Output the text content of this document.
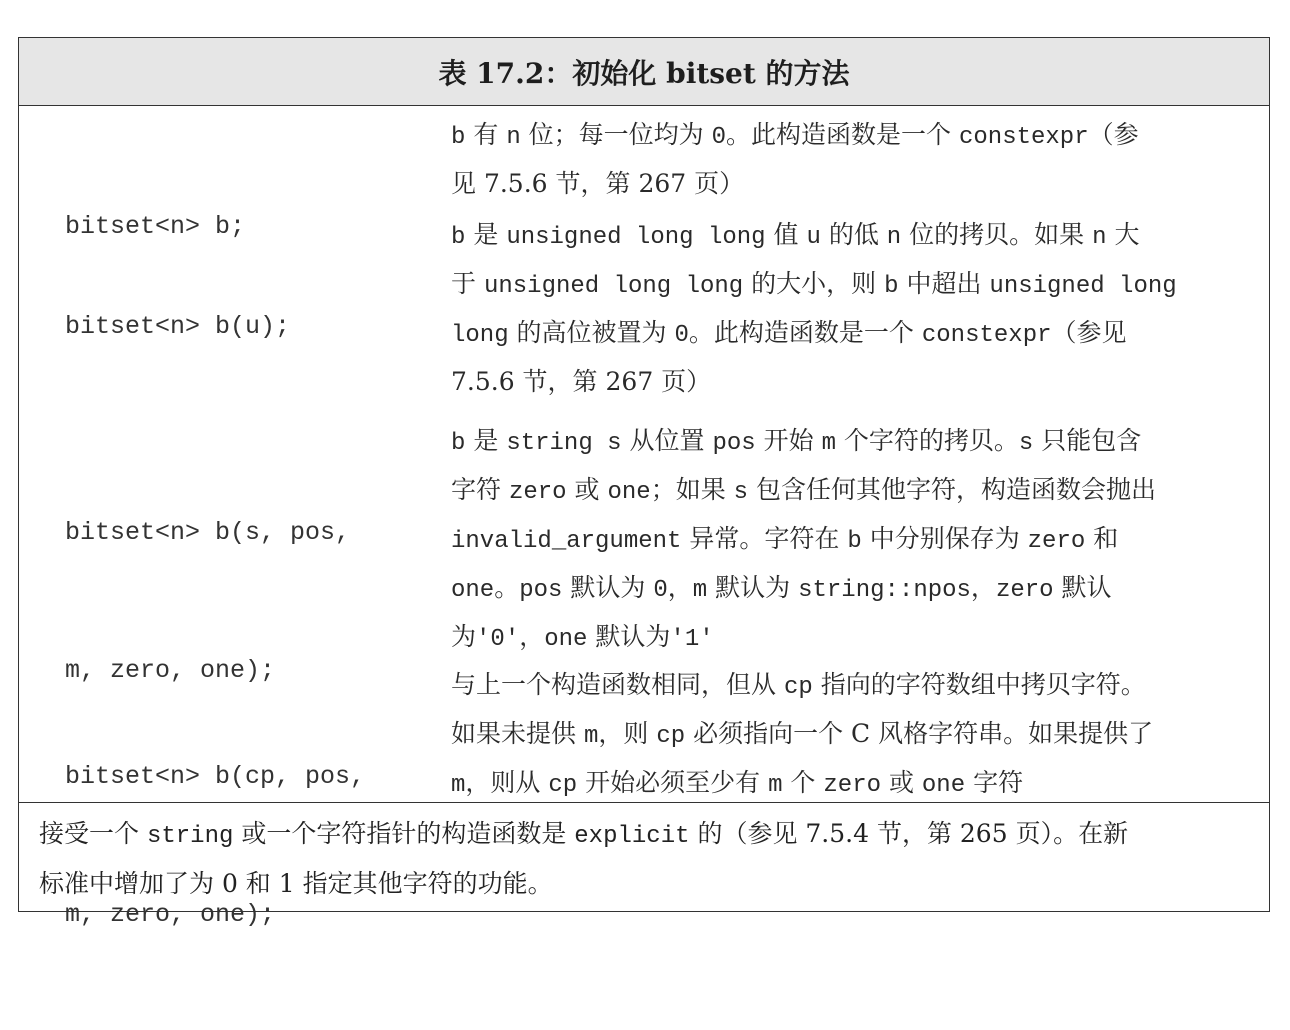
表 17.2：初始化 bitset 的方法

bitset<n> b;

b 有 n 位；每一位均为 0。此构造函数是一个 constexpr（参
见 7.5.6 节，第 267 页）

bitset<n> b(u);

b 是 unsigned long long 值 u 的低 n 位的拷贝。如果 n 大
于 unsigned long long 的大小，则 b 中超出 unsigned long
long 的高位被置为 0。此构造函数是一个 constexpr（参见
7.5.6 节，第 267 页）

bitset<n> b(s, pos,

m, zero, one);

b 是 string s 从位置 pos 开始 m 个字符的拷贝。s 只能包含
字符 zero 或 one；如果 s 包含任何其他字符，构造函数会抛出
invalid_argument 异常。字符在 b 中分别保存为 zero 和
one。pos 默认为 0，m 默认为 string::npos，zero 默认
为'0'，one 默认为'1'

bitset<n> b(cp, pos,

m, zero, one);

与上一个构造函数相同，但从 cp 指向的字符数组中拷贝字符。
如果未提供 m，则 cp 必须指向一个 C 风格字符串。如果提供了
m，则从 cp 开始必须至少有 m 个 zero 或 one 字符
接受一个 string 或一个字符指针的构造函数是 explicit 的（参见 7.5.4 节，第 265 页）。在新
标准中增加了为 0 和 1 指定其他字符的功能。
